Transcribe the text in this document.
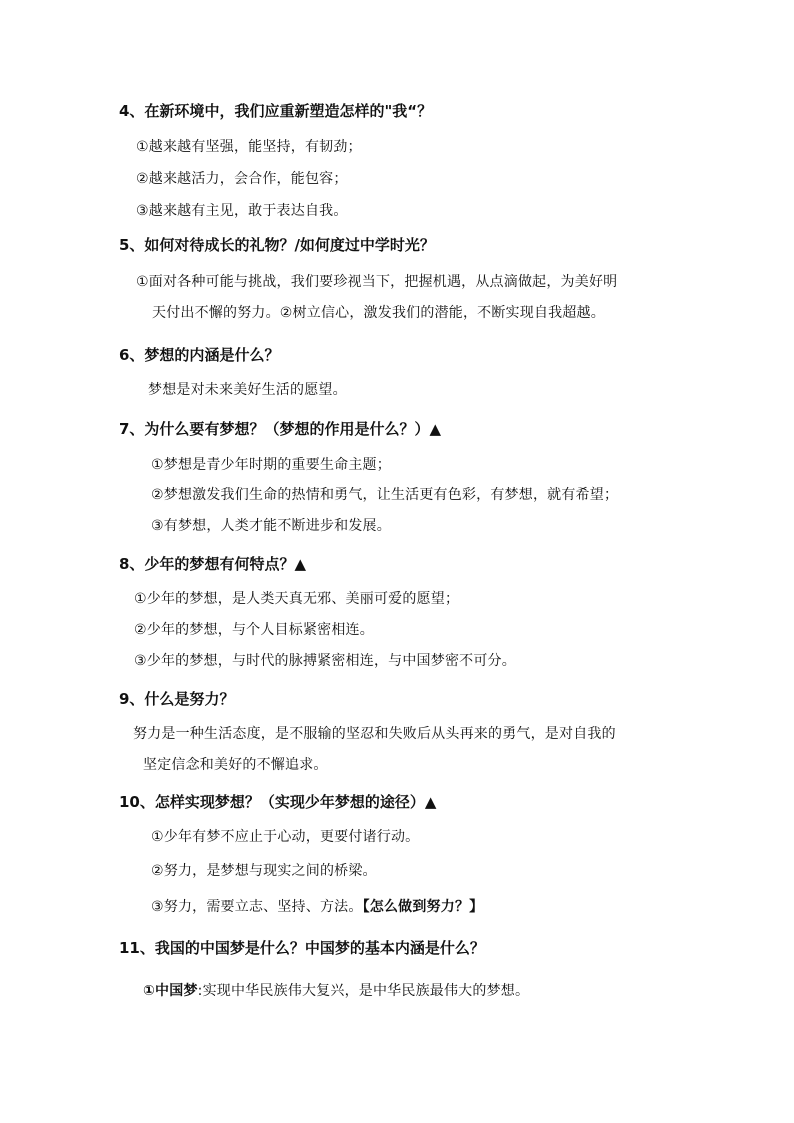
4、在新环境中，我们应重新塑造怎样的"我“？
①越来越有坚强，能坚持，有韧劲；
②越来越活力，会合作，能包容；
③越来越有主见，敢于表达自我。
5、如何对待成长的礼物？/如何度过中学时光？
①面对各种可能与挑战，我们要珍视当下，把握机遇，从点滴做起，为美好明
天付出不懈的努力。②树立信心，激发我们的潜能，不断实现自我超越。
6、梦想的内涵是什么？
梦想是对未来美好生活的愿望。
7、为什么要有梦想？（梦想的作用是什么？）▲
①梦想是青少年时期的重要生命主题；
②梦想激发我们生命的热情和勇气，让生活更有色彩，有梦想，就有希望；
③有梦想，人类才能不断进步和发展。
8、少年的梦想有何特点？▲
①少年的梦想，是人类天真无邪、美丽可爱的愿望；
②少年的梦想，与个人目标紧密相连。
③少年的梦想，与时代的脉搏紧密相连，与中国梦密不可分。
9、什么是努力？
努力是一种生活态度，是不服输的坚忍和失败后从头再来的勇气，是对自我的
坚定信念和美好的不懈追求。
10、怎样实现梦想？（实现少年梦想的途径）▲
①少年有梦不应止于心动，更要付诸行动。
②努力，是梦想与现实之间的桥梁。
③努力，需要立志、坚持、方法。【怎么做到努力？】
11、我国的中国梦是什么？中国梦的基本内涵是什么？
①中国梦:实现中华民族伟大复兴，是中华民族最伟大的梦想。
